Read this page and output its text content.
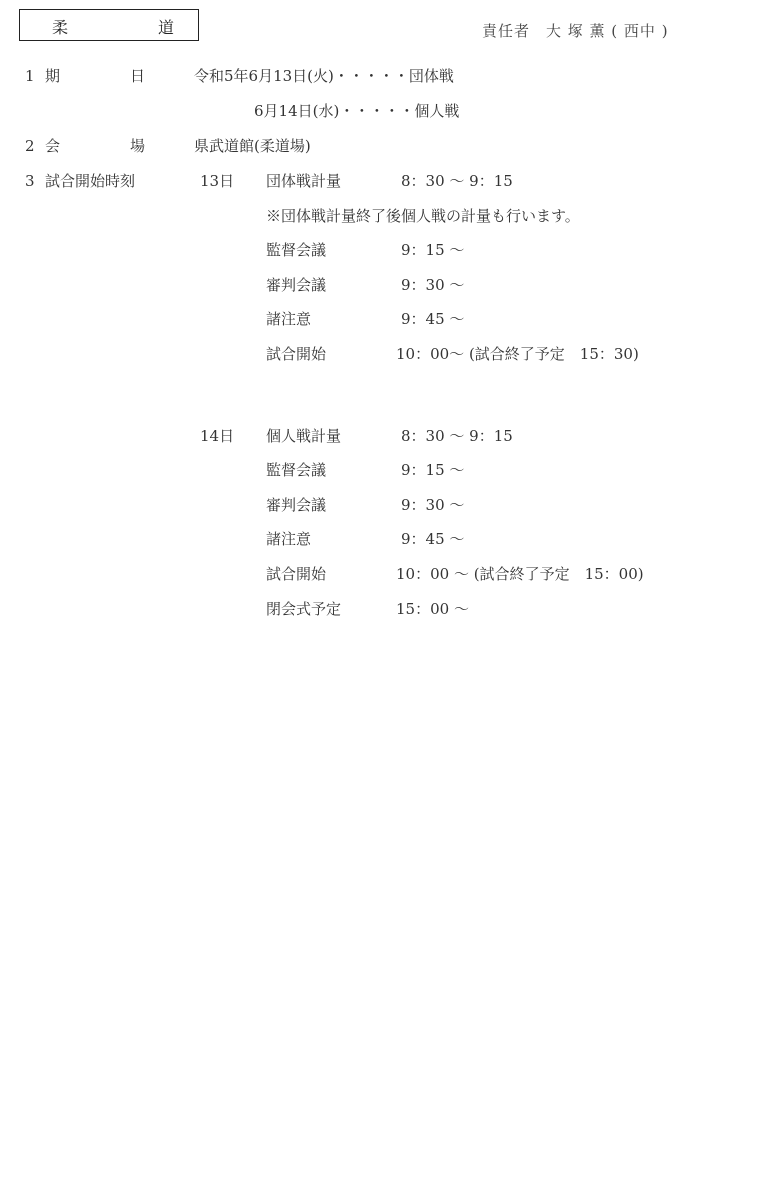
柔	道	責任者　大 塚 薫 ( 西中 )
1 期	日	令和5年6月13日(火)・・・・・団体戦
6月14日(水)・・・・・個人戦
2 会	場	県武道館(柔道場)
3 試合開始時刻	13日 団体戦計量	8：30 〜 9：15
※団体戦計量終了後個人戦の計量も行います。
監督会議	9：15 〜
審判会議	9：30 〜
諸注意	9：45 〜
試合開始	10：00〜 (試合終了予定　15：30)
14日 個人戦計量	8：30 〜 9：15
監督会議	9：15 〜
審判会議	9：30 〜
諸注意	9：45 〜
試合開始	10：00 〜 (試合終了予定　15：00)
閉会式予定	15：00 〜
